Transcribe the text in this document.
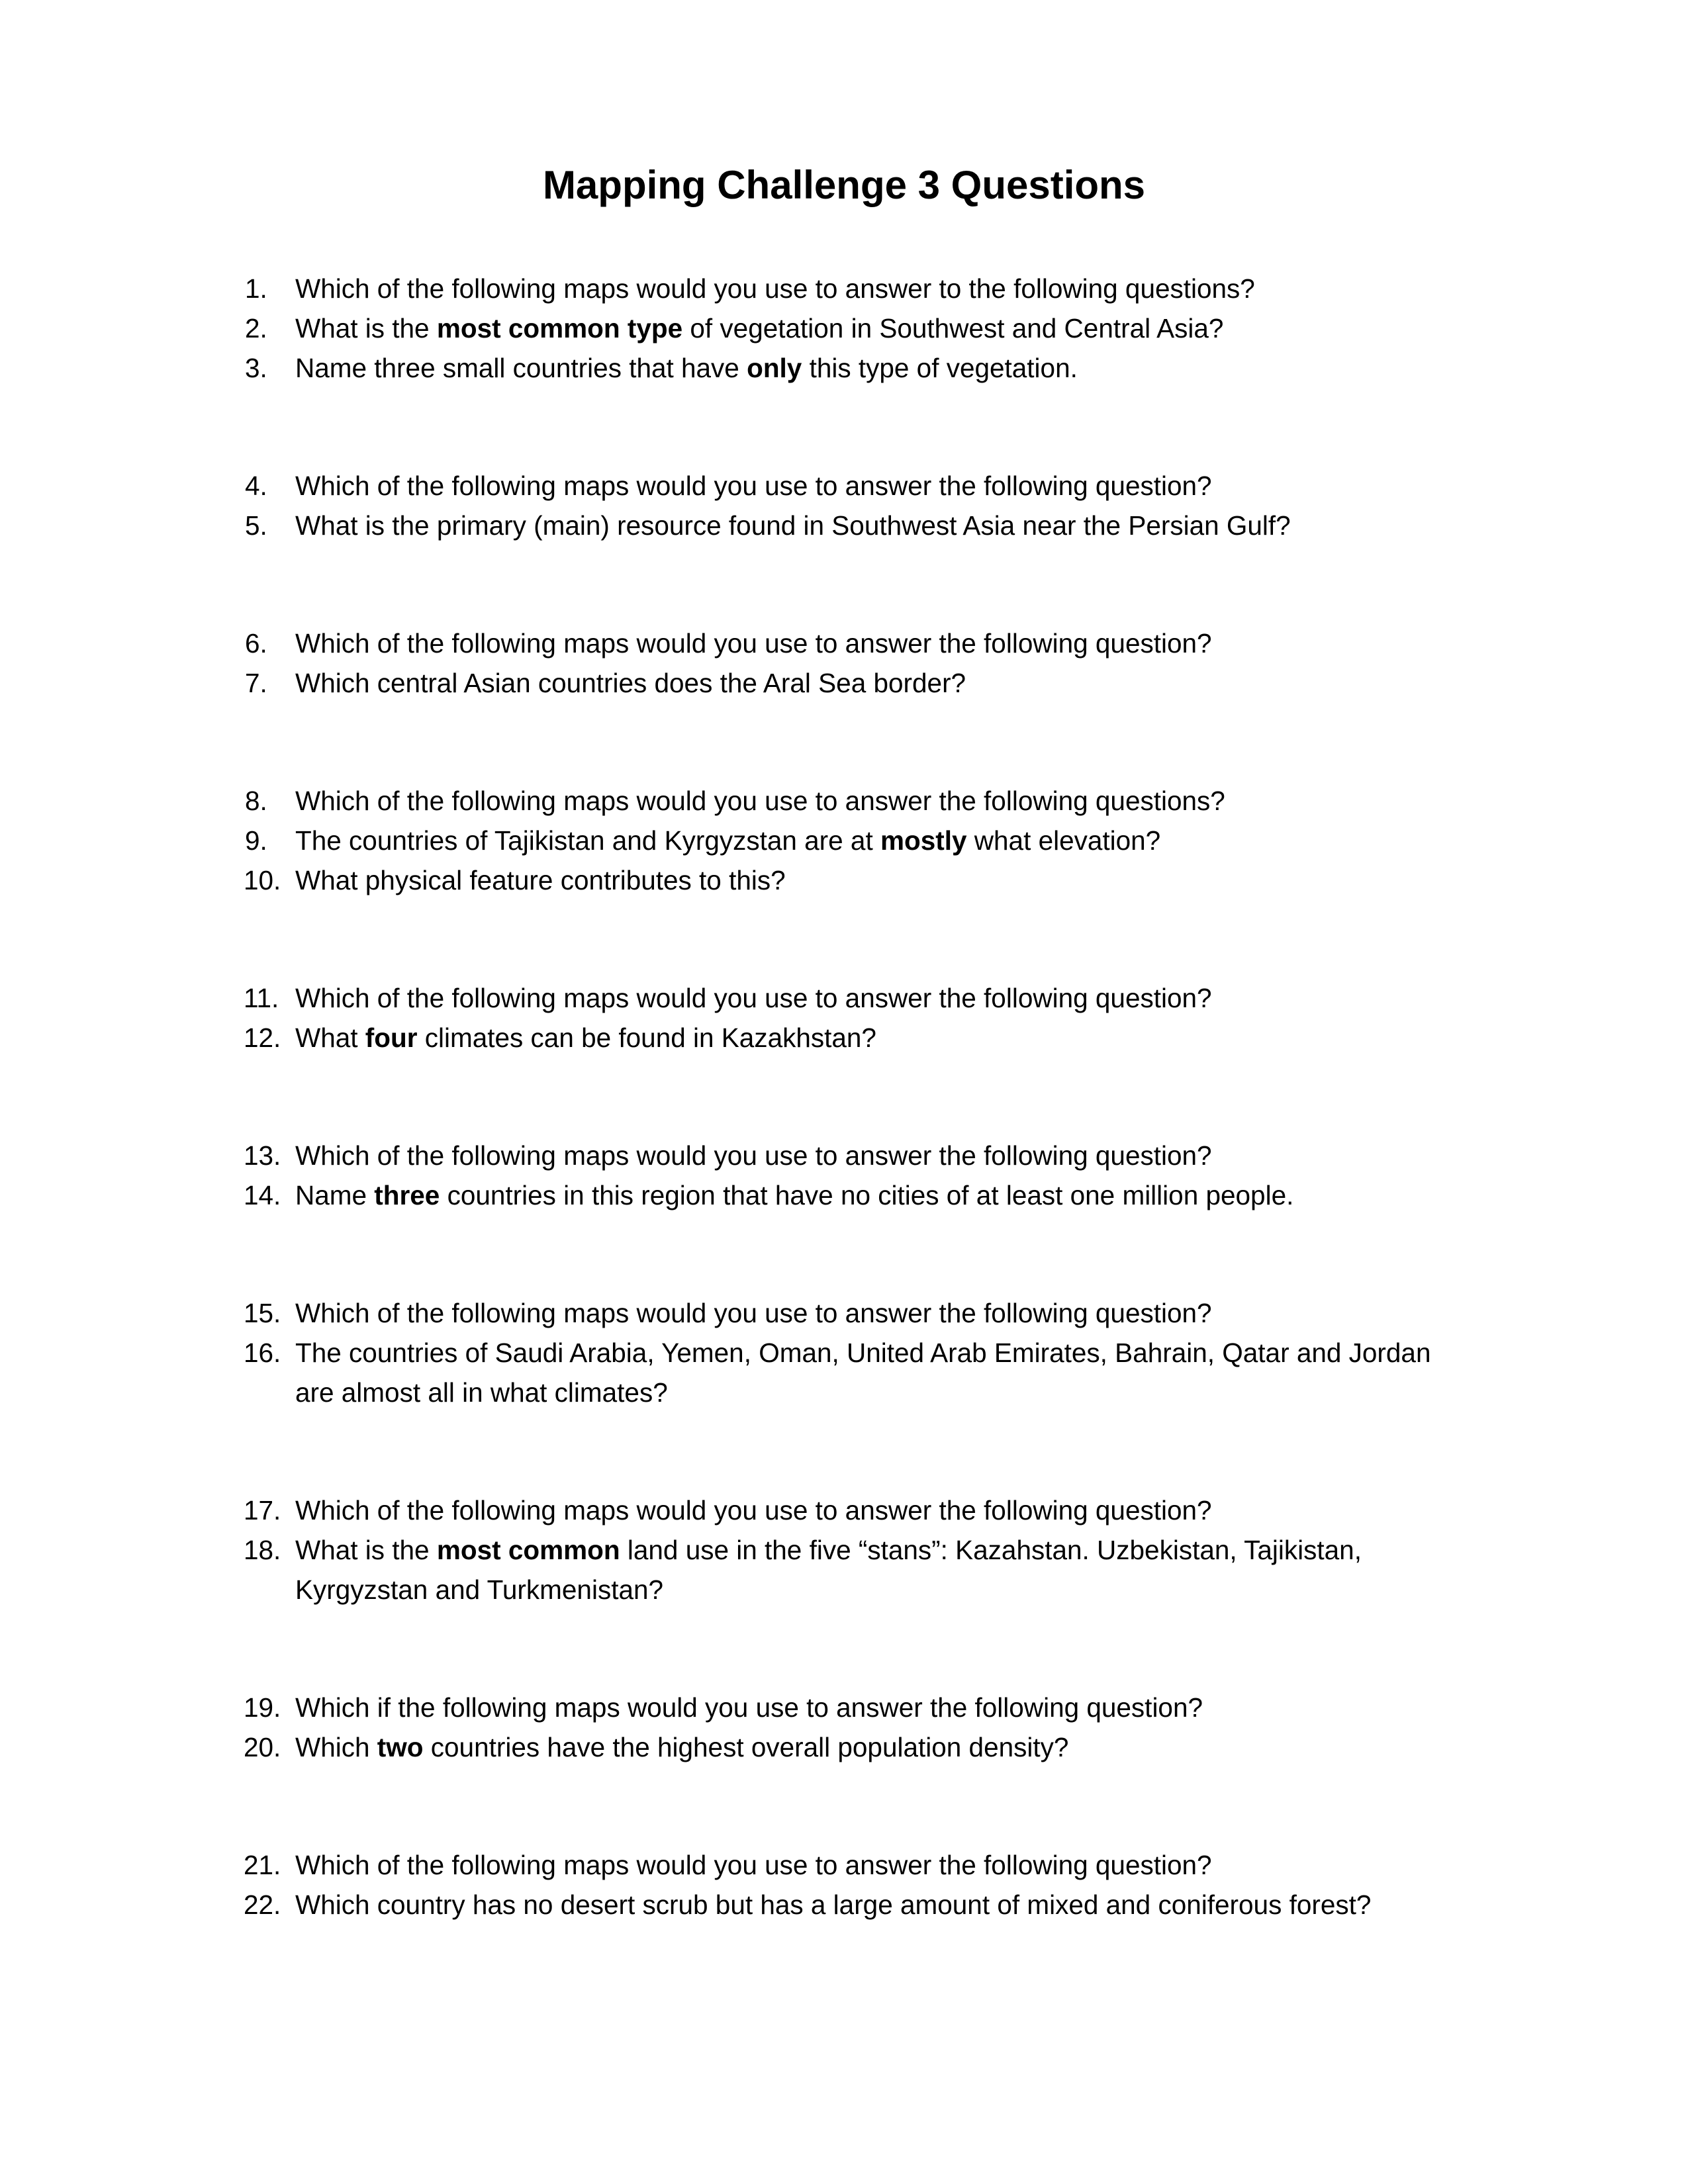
Mapping Challenge 3 Questions
1.	Which of the following maps would you use to answer to the following questions?
2.	What is the most common type of vegetation in Southwest and Central Asia?
3.	Name three small countries that have only this type of vegetation.
4.	Which of the following maps would you use to answer the following question?
5.	What is the primary (main) resource found in Southwest Asia near the Persian Gulf?
6.	Which of the following maps would you use to answer the following question?
7.	Which central Asian countries does the Aral Sea border?
8.	Which of the following maps would you use to answer the following questions?
9.	The countries of Tajikistan and Kyrgyzstan are at mostly what elevation?
10. What physical feature contributes to this?
11. Which of the following maps would you use to answer the following question?
12. What four climates can be found in Kazakhstan?
13. Which of the following maps would you use to answer the following question?
14. Name three countries in this region that have no cities of at least one million people.
15. Which of the following maps would you use to answer the following question?
16. The countries of Saudi Arabia, Yemen, Oman, United Arab Emirates, Bahrain, Qatar and Jordan are almost all in what climates?
17. Which of the following maps would you use to answer the following question?
18. What is the most common land use in the five “stans”: Kazahstan. Uzbekistan, Tajikistan, Kyrgyzstan and Turkmenistan?
19. Which if the following maps would you use to answer the following question?
20. Which two countries have the highest overall population density?
21. Which of the following maps would you use to answer the following question?
22. Which country has no desert scrub but has a large amount of mixed and coniferous forest?
